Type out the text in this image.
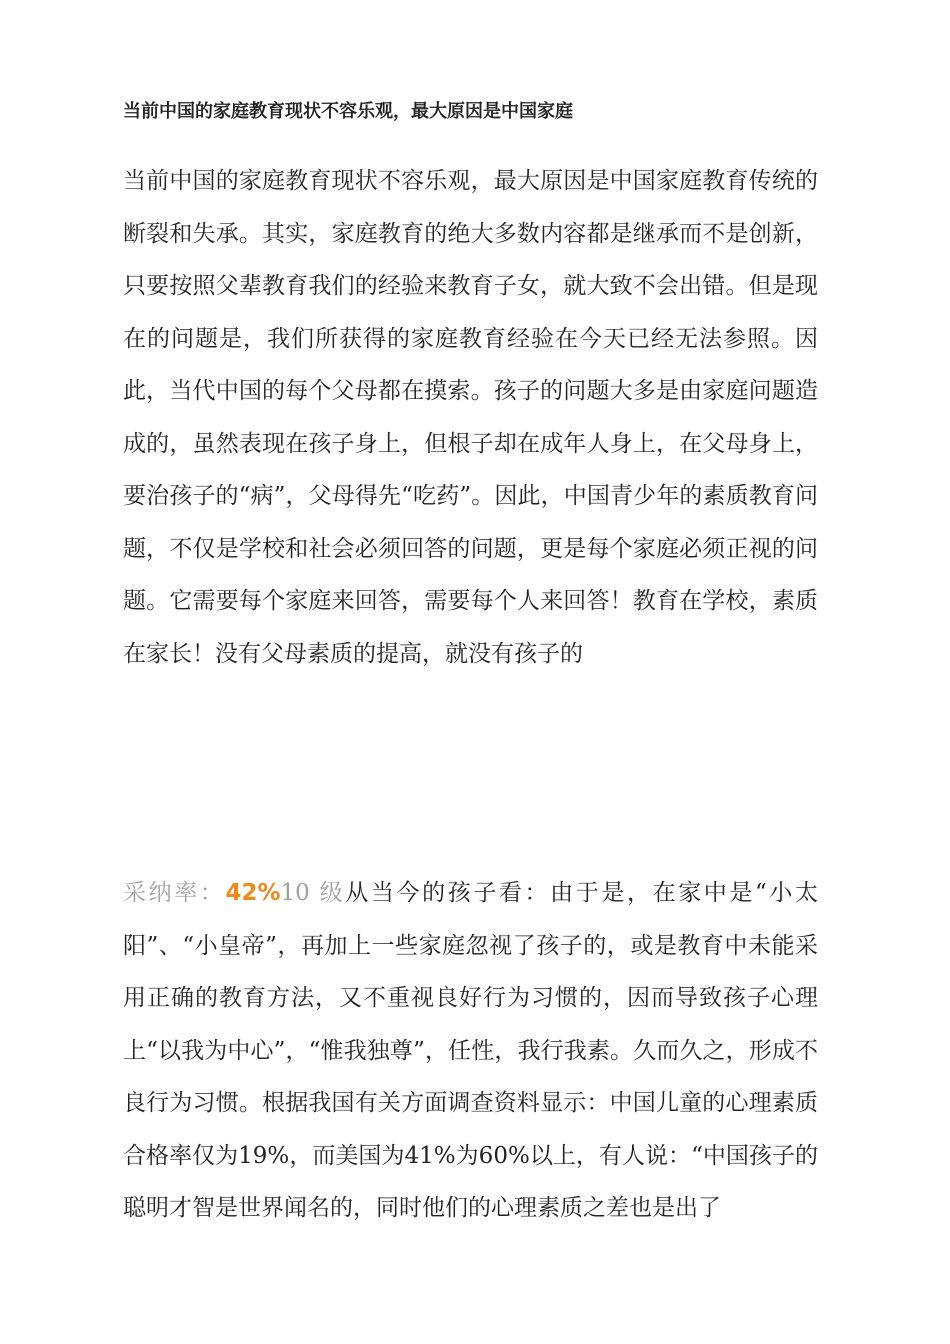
当前中国的家庭教育现状不容乐观，最大原因是中国家庭

当前中国的家庭教育现状不容乐观，最大原因是中国家庭教育传统的断裂和失承。其实，家庭教育的绝大多数内容都是继承而不是创新，只要按照父辈教育我们的经验来教育子女，就大致不会出错。但是现在的问题是，我们所获得的家庭教育经验在今天已经无法参照。因此，当代中国的每个父母都在摸索。孩子的问题大多是由家庭问题造成的，虽然表现在孩子身上，但根子却在成年人身上，在父母身上，要治孩子的“病”，父母得先“吃药”。因此，中国青少年的素质教育问题，不仅是学校和社会必须回答的问题，更是每个家庭必须正视的问题。它需要每个家庭来回答，需要每个人来回答！教育在学校，素质在家长！没有父母素质的提高，就没有孩子的

采纳率：42%10 级从当今的孩子看：由于是，在家中是“小太阳”、“小皇帝”，再加上一些家庭忽视了孩子的，或是教育中未能采用正确的教育方法，又不重视良好行为习惯的，因而导致孩子心理上“以我为中心”，“惟我独尊”，任性，我行我素。久而久之，形成不良行为习惯。根据我国有关方面调查资料显示：中国儿童的心理素质合格率仅为19%，而美国为41%为60%以上，有人说：“中国孩子的聪明才智是世界闻名的，同时他们的心理素质之差也是出了
